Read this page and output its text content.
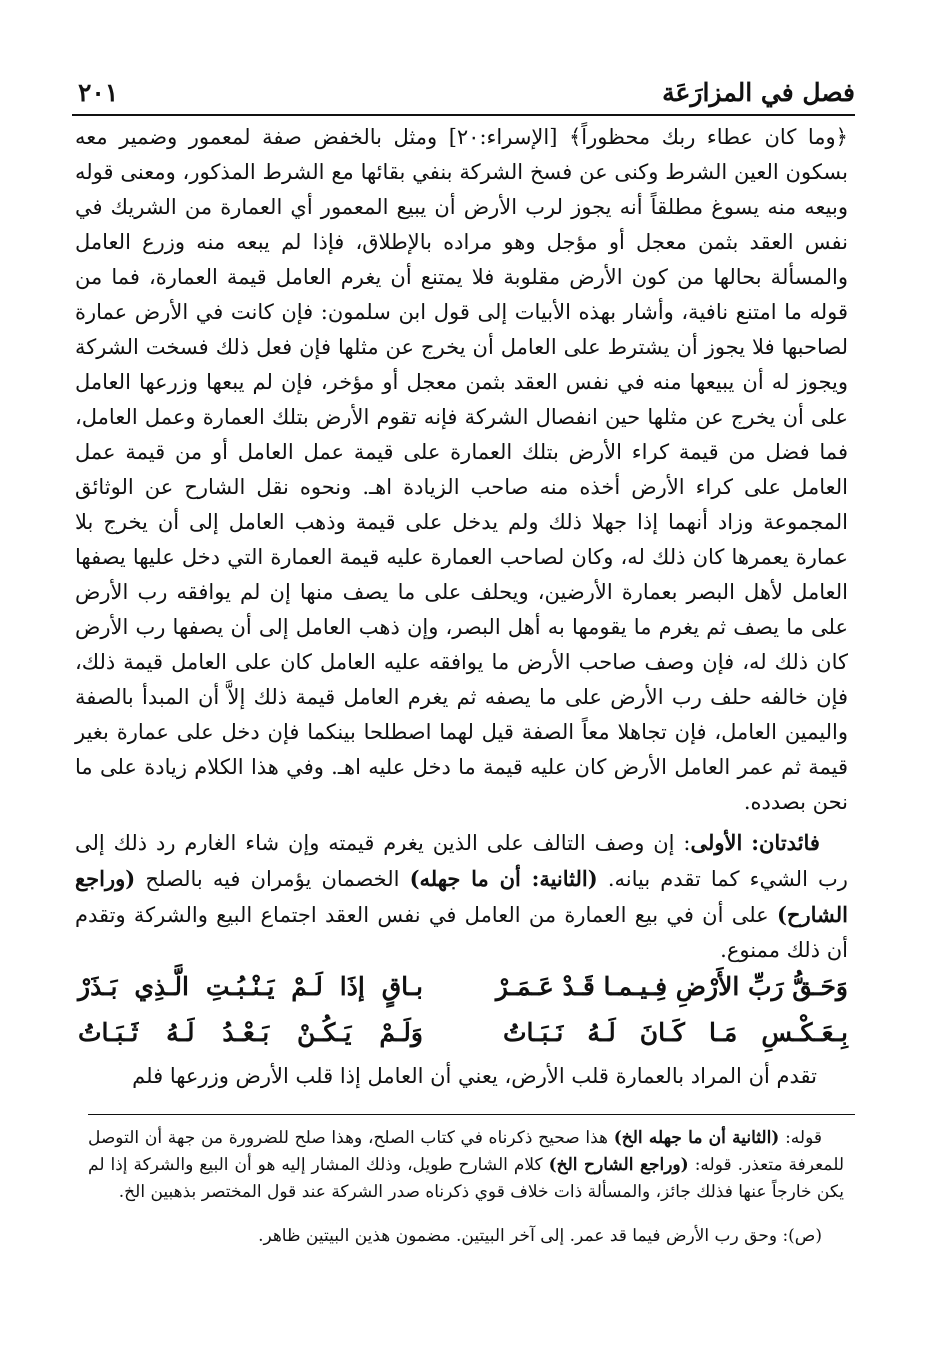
فصل في المزارَعَة
٢٠١

﴿وما كان عطاء ربك محظوراً﴾ [الإسراء:٢٠] ومثل بالخفض صفة لمعمور وضمير معه بسكون العين الشرط وكنى عن فسخ الشركة بنفي بقائها مع الشرط المذكور، ومعنى قوله وبيعه منه يسوغ مطلقاً أنه يجوز لرب الأرض أن يبيع المعمور أي العمارة من الشريك في نفس العقد بثمن معجل أو مؤجل وهو مراده بالإطلاق، فإذا لم يبعه منه وزرع العامل والمسألة بحالها من كون الأرض مقلوبة فلا يمتنع أن يغرم العامل قيمة العمارة، فما من قوله ما امتنع نافية، وأشار بهذه الأبيات إلى قول ابن سلمون: فإن كانت في الأرض عمارة لصاحبها فلا يجوز أن يشترط على العامل أن يخرج عن مثلها فإن فعل ذلك فسخت الشركة ويجوز له أن يبيعها منه في نفس العقد بثمن معجل أو مؤخر، فإن لم يبعها وزرعها العامل على أن يخرج عن مثلها حين انفصال الشركة فإنه تقوم الأرض بتلك العمارة وعمل العامل، فما فضل من قيمة كراء الأرض بتلك العمارة على قيمة عمل العامل أو من قيمة عمل العامل على كراء الأرض أخذه منه صاحب الزيادة اهـ. ونحوه نقل الشارح عن الوثائق المجموعة وزاد أنهما إذا جهلا ذلك ولم يدخل على قيمة وذهب العامل إلى أن يخرج بلا عمارة يعمرها كان ذلك له، وكان لصاحب العمارة عليه قيمة العمارة التي دخل عليها يصفها العامل لأهل البصر بعمارة الأرضين، ويحلف على ما يصف منها إن لم يوافقه رب الأرض على ما يصف ثم يغرم ما يقومها به أهل البصر، وإن ذهب العامل إلى أن يصفها رب الأرض كان ذلك له، فإن وصف صاحب الأرض ما يوافقه عليه العامل كان على العامل قيمة ذلك، فإن خالفه حلف رب الأرض على ما يصفه ثم يغرم العامل قيمة ذلك إلاَّ أن المبدأ بالصفة واليمين العامل، فإن تجاهلا معاً الصفة قيل لهما اصطلحا بينكما فإن دخل على عمارة بغير قيمة ثم عمر العامل الأرض كان عليه قيمة ما دخل عليه اهـ. وفي هذا الكلام زيادة على ما نحن بصدده.

فائدتان: الأولى: إن وصف التالف على الذين يغرم قيمته وإن شاء الغارم رد ذلك إلى رب الشيء كما تقدم بيانه. (الثانية: أن ما جهله) الخصمان يؤمران فيه بالصلح (وراجع الشارح) على أن في بيع العمارة من العامل في نفس العقد اجتماع البيع والشركة وتقدم أن ذلك ممنوع.

وَحَـقُّ رَبِّ الأَرْضِ فِـيـمـا قَـدْ عَـمَـرْ
بـاقٍ إذَا لَـمْ يَـنْـبُـتِ الَّـذِي بَـذَرْ
بِـعَـكْـسِ مَـا كَـانَ لَـهُ نَـبَـاتُ
وَلَـمْ يَـكُـنْ بَـعْـدُ لَـهُ ثَـبَـاتُ
تقدم أن المراد بالعمارة قلب الأرض، يعني أن العامل إذا قلب الأرض وزرعها فلم

قوله: (الثانية أن ما جهله الخ) هذا صحيح ذكرناه في كتاب الصلح، وهذا صلح للضرورة من جهة أن التوصل للمعرفة متعذر. قوله: (وراجع الشارح الخ) كلام الشارح طويل، وذلك المشار إليه هو أن البيع والشركة إذا لم يكن خارجاً عنها فذلك جائز، والمسألة ذات خلاف قوي ذكرناه صدر الشركة عند قول المختصر بذهبين الخ.

(ص): وحق رب الأرض فيما قد عمر. إلى آخر البيتين. مضمون هذين البيتين ظاهر.
